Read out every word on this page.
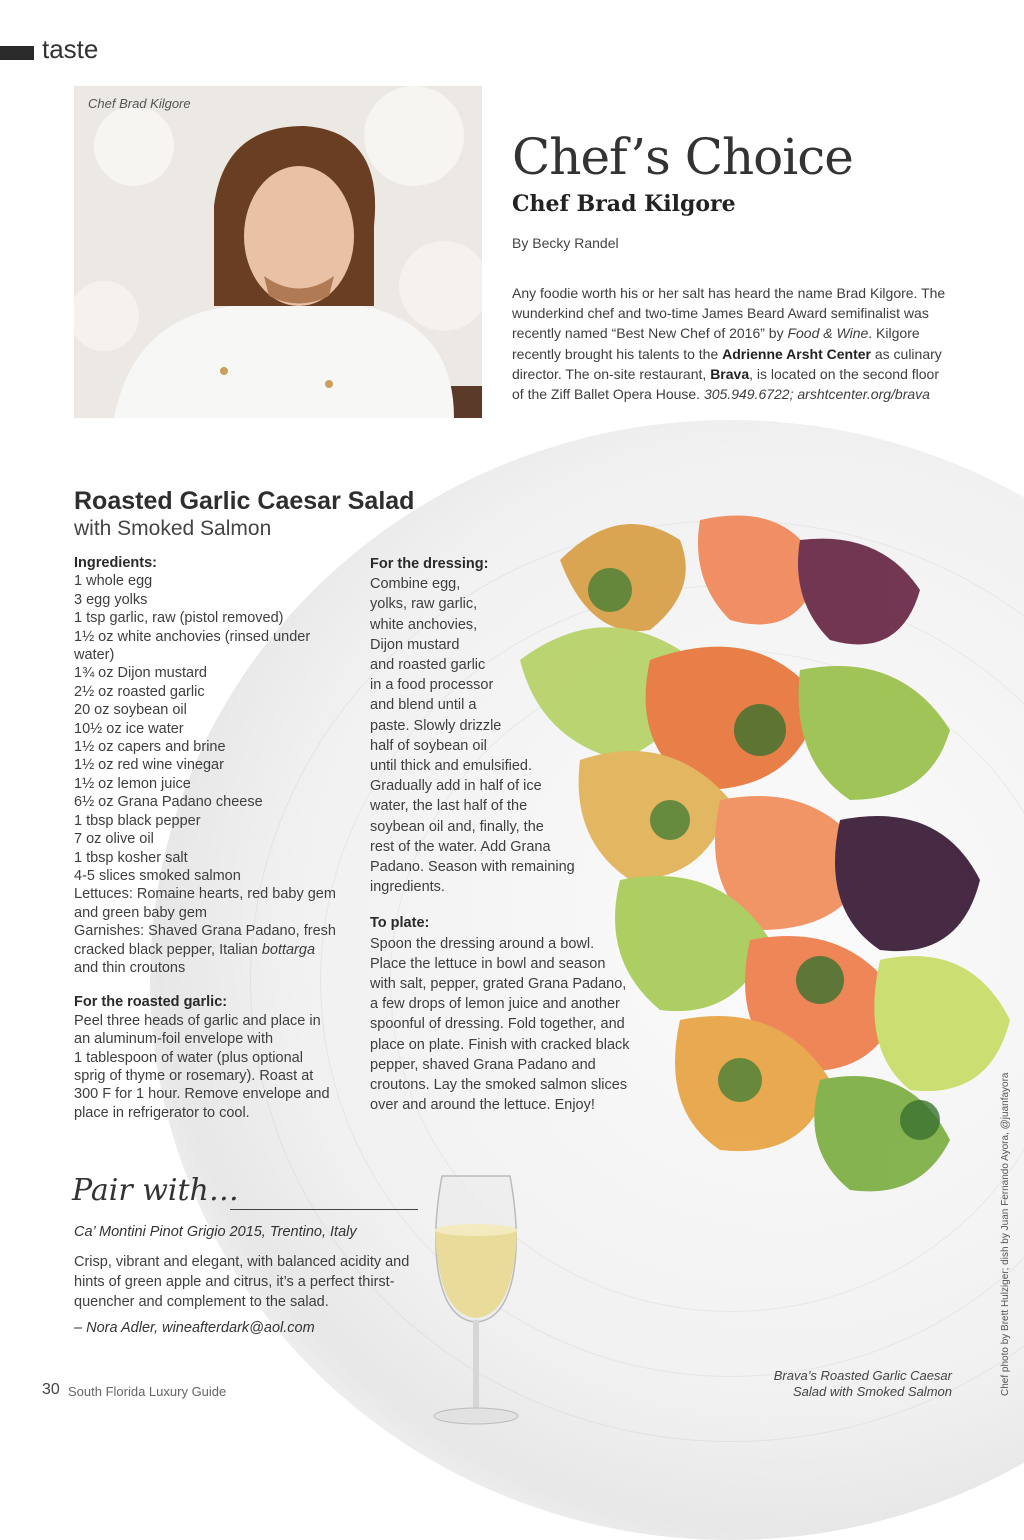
taste
Chef Brad Kilgore
Chef’s Choice
Chef Brad Kilgore
By Becky Randel
Any foodie worth his or her salt has heard the name Brad Kilgore. The wunderkind chef and two-time James Beard Award semifinalist was recently named “Best New Chef of 2016” by Food & Wine. Kilgore recently brought his talents to the Adrienne Arsht Center as culinary director. The on-site restaurant, Brava, is located on the second floor of the Ziff Ballet Opera House. 305.949.6722; arshtcenter.org/brava
Roasted Garlic Caesar Salad
with Smoked Salmon
Ingredients:
1 whole egg
3 egg yolks
1 tsp garlic, raw (pistol removed)
1½ oz white anchovies (rinsed under
water)
1¾ oz Dijon mustard
2½ oz roasted garlic
20 oz soybean oil
10½ oz ice water
1½ oz capers and brine
1½ oz red wine vinegar
1½ oz lemon juice
6½ oz Grana Padano cheese
1 tbsp black pepper
7 oz olive oil
1 tbsp kosher salt
4-5 slices smoked salmon
Lettuces: Romaine hearts, red baby gem
and green baby gem
Garnishes: Shaved Grana Padano, fresh
cracked black pepper, Italian bottarga
and thin croutons
For the roasted garlic:
Peel three heads of garlic and place in
an aluminum-foil envelope with
1 tablespoon of water (plus optional
sprig of thyme or rosemary). Roast at
300 F for 1 hour. Remove envelope and
place in refrigerator to cool.
For the dressing:
Combine egg,
yolks, raw garlic,
white anchovies,
Dijon mustard
and roasted garlic
in a food processor
and blend until a
paste. Slowly drizzle
half of soybean oil
until thick and emulsified.
Gradually add in half of ice
water, the last half of the
soybean oil and, finally, the
rest of the water. Add Grana
Padano. Season with remaining
ingredients.
To plate:
Spoon the dressing around a bowl.
Place the lettuce in bowl and season
with salt, pepper, grated Grana Padano,
a few drops of lemon juice and another
spoonful of dressing. Fold together, and
place on plate. Finish with cracked black
pepper, shaved Grana Padano and
croutons. Lay the smoked salmon slices
over and around the lettuce. Enjoy!
Pair with…
Ca’ Montini Pinot Grigio 2015, Trentino, Italy
Crisp, vibrant and elegant, with balanced acidity and hints of green apple and citrus, it’s a perfect thirst-quencher and complement to the salad.
– Nora Adler, wineafterdark@aol.com
30 South Florida Luxury Guide
Brava’s Roasted Garlic Caesar
Salad with Smoked Salmon	Chef photo by Brett Hulziger; dish by Juan Fernando Ayora, @juanfayora
